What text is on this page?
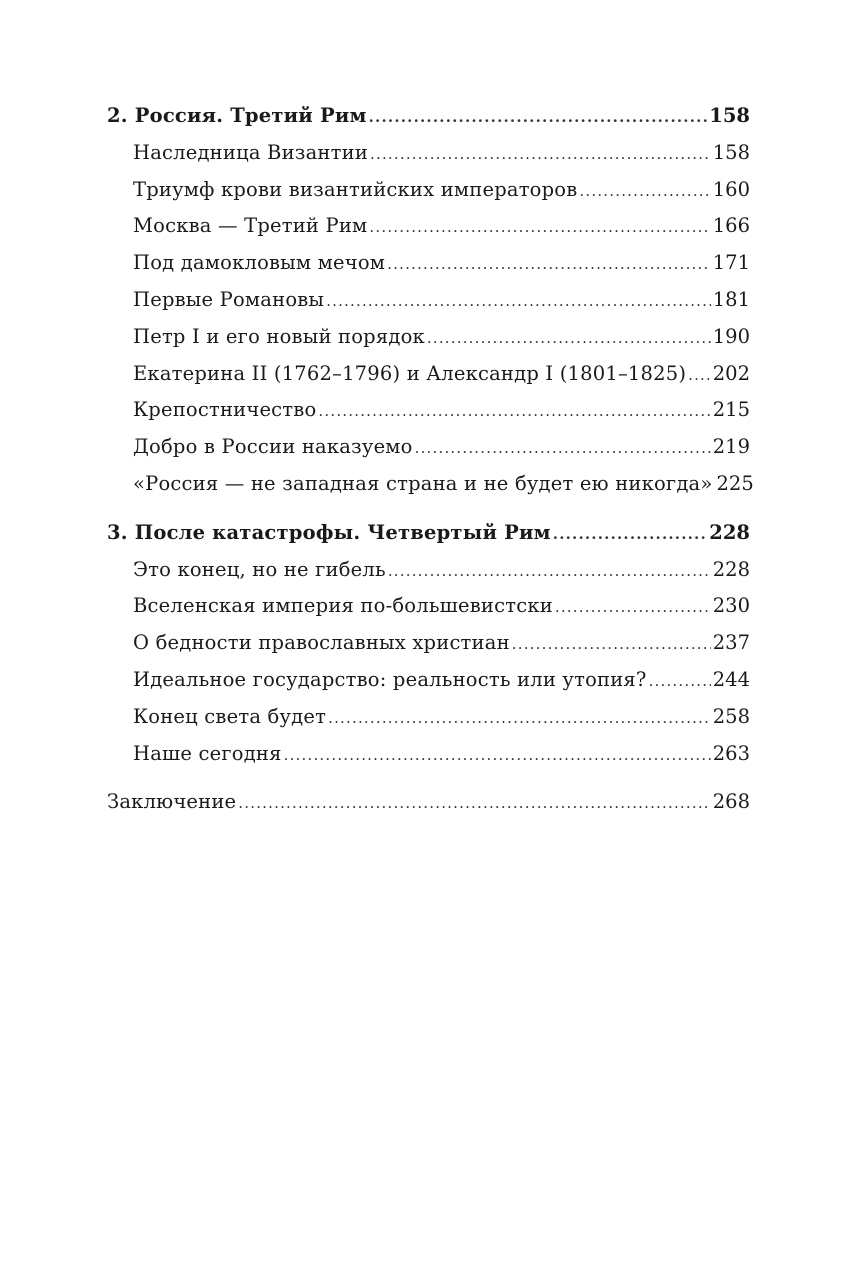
2. Россия. Третий Рим .....	158
Наследница Византии .....	158
Триумф крови византийских императоров .....	160
Москва — Третий Рим .....	166
Под дамокловым мечом .....	171
Первые Романовы .....	181
Петр I и его новый порядок .....	190
Екатерина II (1762–1796) и Александр I (1801–1825) ..... 202
Крепостничество .....	215
Добро в России наказуемо .....	219
«Россия — не западная страна и не будет ею никогда» 225
3. После катастрофы. Четвертый Рим .....	228
Это конец, но не гибель .....	228
Вселенская империя по-большевистски .....	230
О бедности православных христиан .....	237
Идеальное государство: реальность или утопия? .....	244
Конец света будет .....	258
Наше сегодня .....	263
Заключение .....	268
